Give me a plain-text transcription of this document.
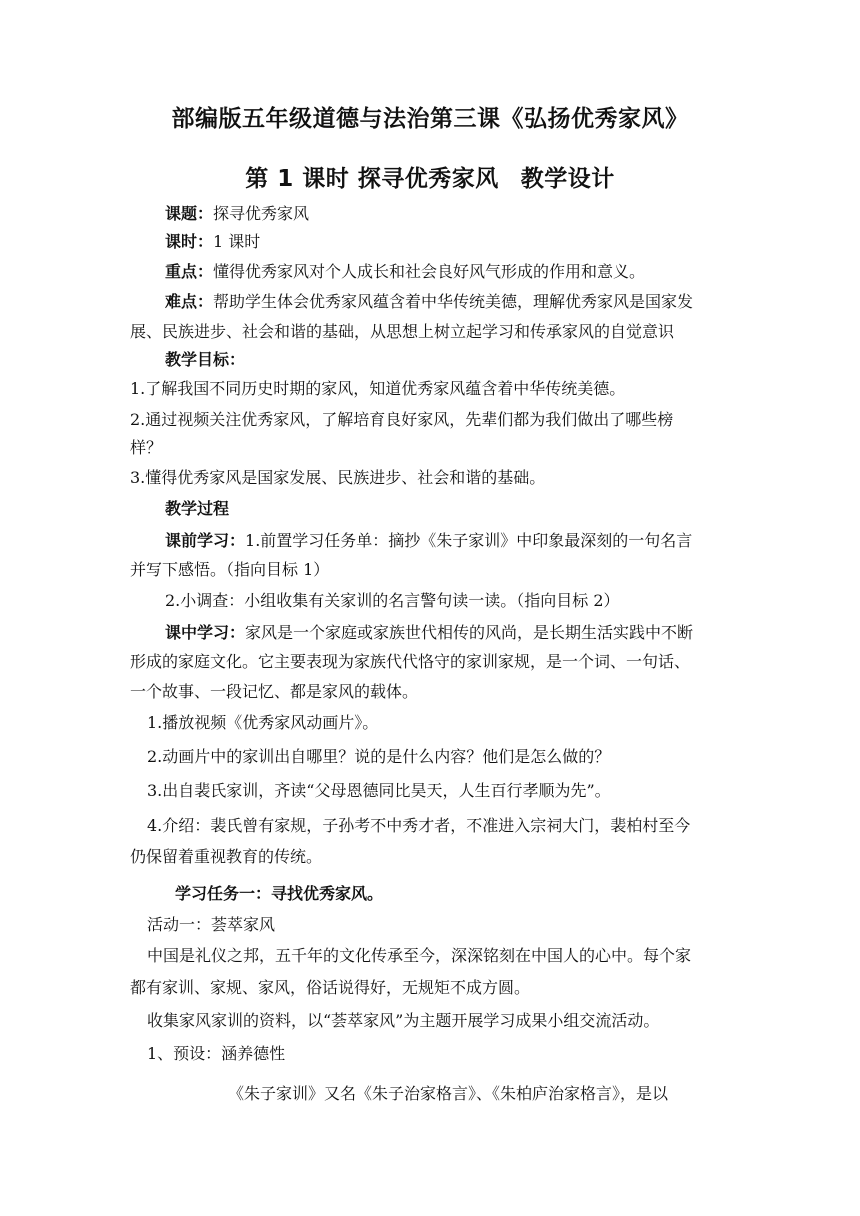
部编版五年级道德与法治第三课《弘扬优秀家风》
第 1 课时 探寻优秀家风 教学设计
课题：探寻优秀家风
课时：1 课时
重点：懂得优秀家风对个人成长和社会良好风气形成的作用和意义。
难点：帮助学生体会优秀家风蕴含着中华传统美德，理解优秀家风是国家发
展、民族进步、社会和谐的基础，从思想上树立起学习和传承家风的自觉意识
教学目标：
1.了解我国不同历史时期的家风，知道优秀家风蕴含着中华传统美德。
2.通过视频关注优秀家风，了解培育良好家风，先辈们都为我们做出了哪些榜
样？
3.懂得优秀家风是国家发展、民族进步、社会和谐的基础。
教学过程
课前学习：1.前置学习任务单：摘抄《朱子家训》中印象最深刻的一句名言
并写下感悟。（指向目标 1）
2.小调查：小组收集有关家训的名言警句读一读。（指向目标 2）
课中学习：家风是一个家庭或家族世代相传的风尚，是长期生活实践中不断
形成的家庭文化。它主要表现为家族代代恪守的家训家规，是一个词、一句话、
一个故事、一段记忆、都是家风的载体。
1.播放视频《优秀家风动画片》。
2.动画片中的家训出自哪里？说的是什么内容？他们是怎么做的？
3.出自裴氏家训，齐读“父母恩德同比昊天，人生百行孝顺为先”。
4.介绍：裴氏曾有家规，子孙考不中秀才者，不准进入宗祠大门，裴柏村至今
仍保留着重视教育的传统。
学习任务一：寻找优秀家风。
活动一：荟萃家风
中国是礼仪之邦，五千年的文化传承至今，深深铭刻在中国人的心中。每个家
都有家训、家规、家风，俗话说得好，无规矩不成方圆。
收集家风家训的资料，以“荟萃家风”为主题开展学习成果小组交流活动。
1、预设：涵养德性
《朱子家训》又名《朱子治家格言》、《朱柏庐治家格言》，是以
